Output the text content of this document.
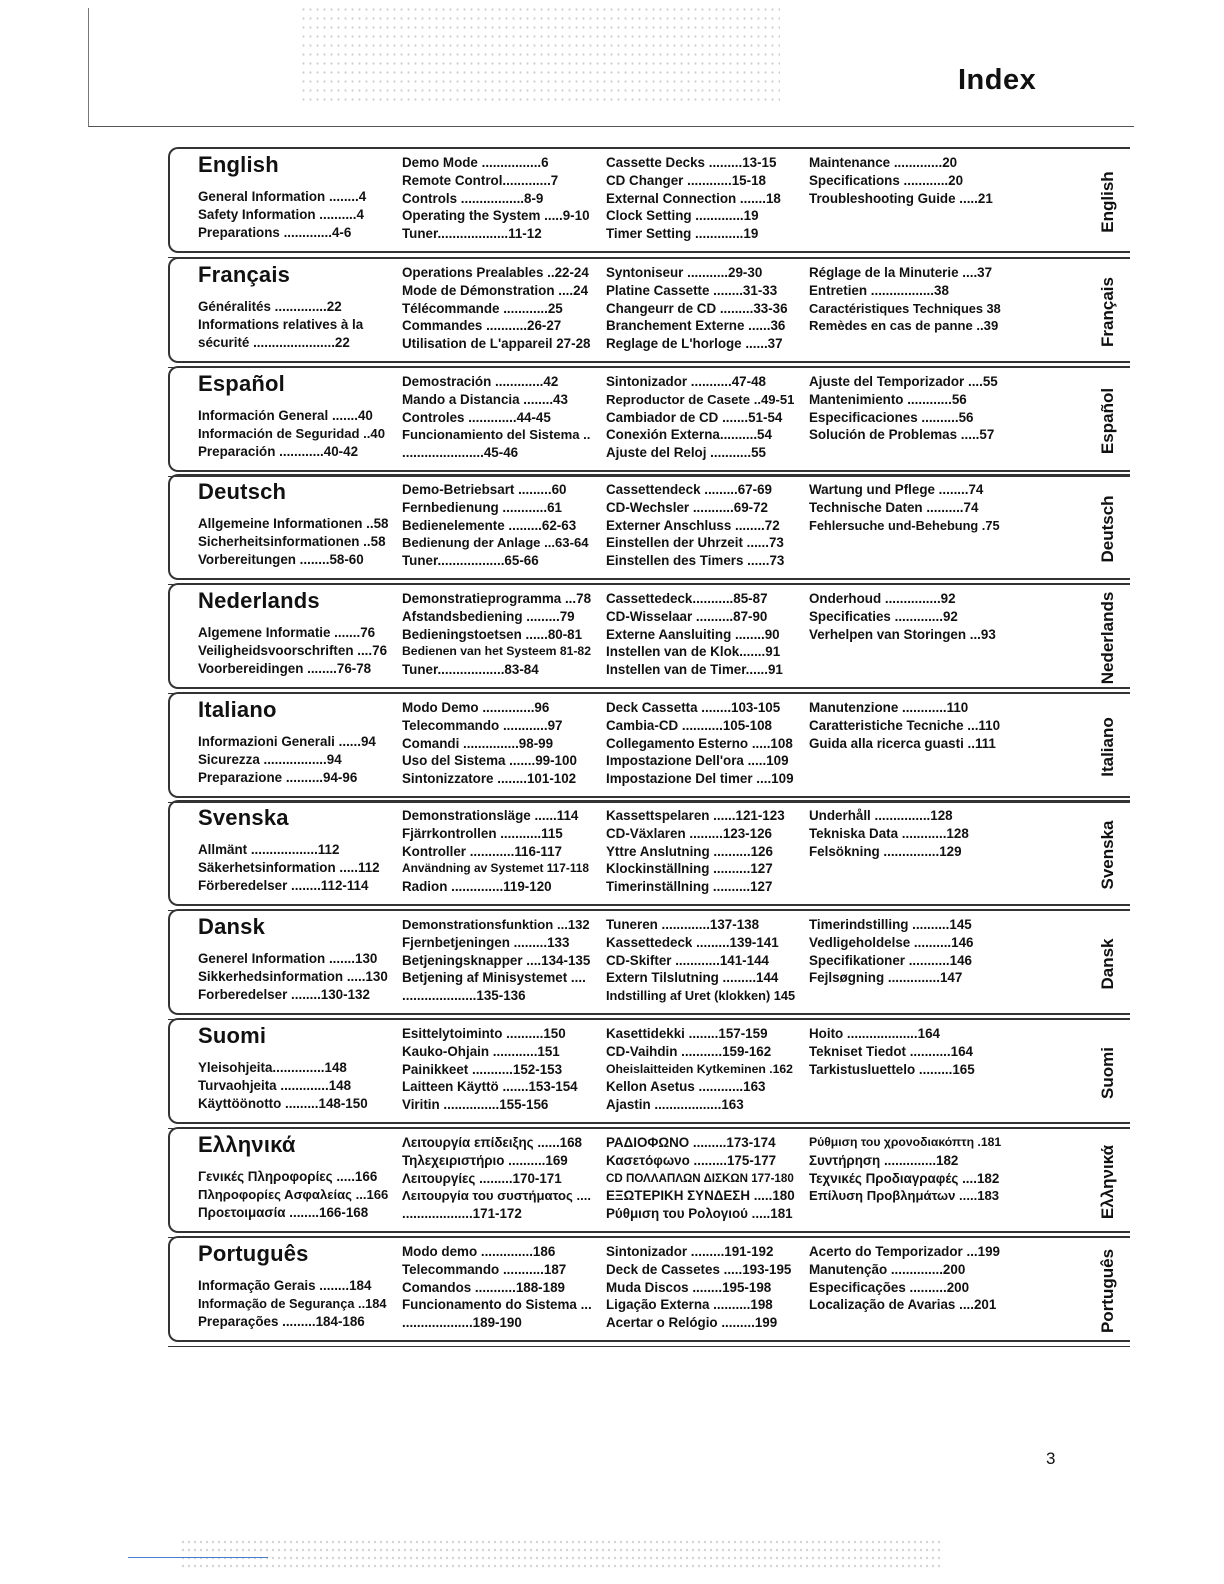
Index
English
General Information ........4
Safety Information ..........4
Preparations .............4-6
Demo Mode ................6
Remote Control.............7
Controls .................8-9
Operating the System .....9-10
Tuner...................11-12
Cassette Decks .........13-15
CD Changer ............15-18
External Connection .......18
Clock Setting .............19
Timer Setting .............19
Maintenance .............20
Specifications ............20
Troubleshooting Guide .....21	English
Français
Généralités ..............22
Informations relatives à la
sécurité ......................22
Operations Prealables ..22-24
Mode de Démonstration ....24
Télécommande ............25
Commandes ...........26-27
Utilisation de L'appareil 27-28
Syntoniseur ...........29-30
Platine Cassette ........31-33
Changeurr de CD .........33-36
Branchement Externe ......36
Reglage de L'horloge ......37
Réglage de la Minuterie ....37
Entretien .................38
Caractéristiques Techniques 38
Remèdes en cas de panne ..39	Français
Español
Información General .......40
Información de Seguridad ..40
Preparación ............40-42
Demostración .............42
Mando a Distancia ........43
Controles .............44-45
Funcionamiento del Sistema ..
......................45-46
Sintonizador ...........47-48
Reproductor de Casete ..49-51
Cambiador de CD .......51-54
Conexión Externa..........54
Ajuste del Reloj ...........55
Ajuste del Temporizador ....55
Mantenimiento ............56
Especificaciones ..........56
Solución de Problemas .....57	Español
Deutsch
Allgemeine Informationen ..58
Sicherheitsinformationen ..58
Vorbereitungen ........58-60
Demo-Betriebsart .........60
Fernbedienung ............61
Bedienelemente .........62-63
Bedienung der Anlage ...63-64
Tuner..................65-66
Cassettendeck .........67-69
CD-Wechsler ...........69-72
Externer Anschluss ........72
Einstellen der Uhrzeit ......73
Einstellen des Timers ......73
Wartung und Pflege ........74
Technische Daten ..........74
Fehlersuche und-Behebung .75	Deutsch
Nederlands
Algemene Informatie .......76
Veiligheidsvoorschriften ....76
Voorbereidingen ........76-78
Demonstratieprogramma ...78
Afstandsbediening .........79
Bedieningstoetsen ......80-81
Bedienen van het Systeem 81-82
Tuner..................83-84
Cassettedeck...........85-87
CD-Wisselaar ..........87-90
Externe Aansluiting ........90
Instellen van de Klok.......91
Instellen van de Timer......91
Onderhoud ...............92
Specificaties .............92
Verhelpen van Storingen ...93	Nederlands
Italiano
Informazioni Generali ......94
Sicurezza .................94
Preparazione ..........94-96
Modo Demo ..............96
Telecommando ............97
Comandi ...............98-99
Uso del Sistema .......99-100
Sintonizzatore ........101-102
Deck Cassetta ........103-105
Cambia-CD ...........105-108
Collegamento Esterno .....108
Impostazione Dell'ora .....109
Impostazione Del timer ....109
Manutenzione ............110
Caratteristiche Tecniche ...110
Guida alla ricerca guasti ..111	Italiano
Svenska
Allmänt ..................112
Säkerhetsinformation .....112
Förberedelser ........112-114
Demonstrationsläge ......114
Fjärrkontrollen ...........115
Kontroller ............116-117
Användning av Systemet 117-118
Radion ..............119-120
Kassettspelaren ......121-123
CD-Växlaren .........123-126
Yttre Anslutning ..........126
Klockinställning ..........127
Timerinställning ..........127
Underhåll ...............128
Tekniska Data ............128
Felsökning ...............129	Svenska
Dansk
Generel Information .......130
Sikkerhedsinformation .....130
Forberedelser ........130-132
Demonstrationsfunktion ...132
Fjernbetjeningen .........133
Betjeningsknapper ....134-135
Betjening af Minisystemet ....
....................135-136
Tuneren .............137-138
Kassettedeck .........139-141
CD-Skifter ............141-144
Extern Tilslutning .........144
Indstilling af Uret (klokken) 145
Timerindstilling ..........145
Vedligeholdelse ..........146
Specifikationer ...........146
Fejlsøgning ..............147	Dansk
Suomi
Yleisohjeita..............148
Turvaohjeita .............148
Käyttöönotto .........148-150
Esittelytoiminto ..........150
Kauko-Ohjain ............151
Painikkeet ...........152-153
Laitteen Käyttö .......153-154
Viritin ...............155-156
Kasettidekki ........157-159
CD-Vaihdin ...........159-162
Oheislaitteiden Kytkeminen .162
Kellon Asetus ............163
Ajastin ..................163
Hoito ...................164
Tekniset Tiedot ...........164
Tarkistusluettelo .........165	Suomi
Ελληνικά
Γενικές Πληροφορίες .....166
Πληροφορίες Ασφαλείας ...166
Προετοιμασία ........166-168
Λειτουργία επίδειξης ......168
Τηλεχειριστήριο ..........169
Λειτουργίες .........170-171
Λειτουργία του συστήματος ....
...................171-172
ΡΑΔΙΟΦΩΝΟ .........173-174
Κασετόφωνο .........175-177
CD ΠΟΛΛΑΠΛΩΝ ΔΙΣΚΩΝ 177-180
ΕΞΩΤΕΡΙΚΗ ΣΥΝΔΕΣΗ .....180
Ρύθμιση του Ρολογιού .....181
Ρύθμιση του χρονοδιακόπτη .181
Συντήρηση ..............182
Τεχνικές Προδιαγραφές ....182
Επίλυση Προβλημάτων .....183	Ελληνικά
Português
Informação Gerais ........184
Informação de Segurança ..184
Preparações .........184-186
Modo demo ..............186
Telecommando ...........187
Comandos ...........188-189
Funcionamento do Sistema ...
...................189-190
Sintonizador .........191-192
Deck de Cassetes .....193-195
Muda Discos ........195-198
Ligação Externa ..........198
Acertar o Relógio .........199
Acerto do Temporizador ...199
Manutenção ..............200
Especificações ..........200
Localização de Avarias ....201	Português
3
